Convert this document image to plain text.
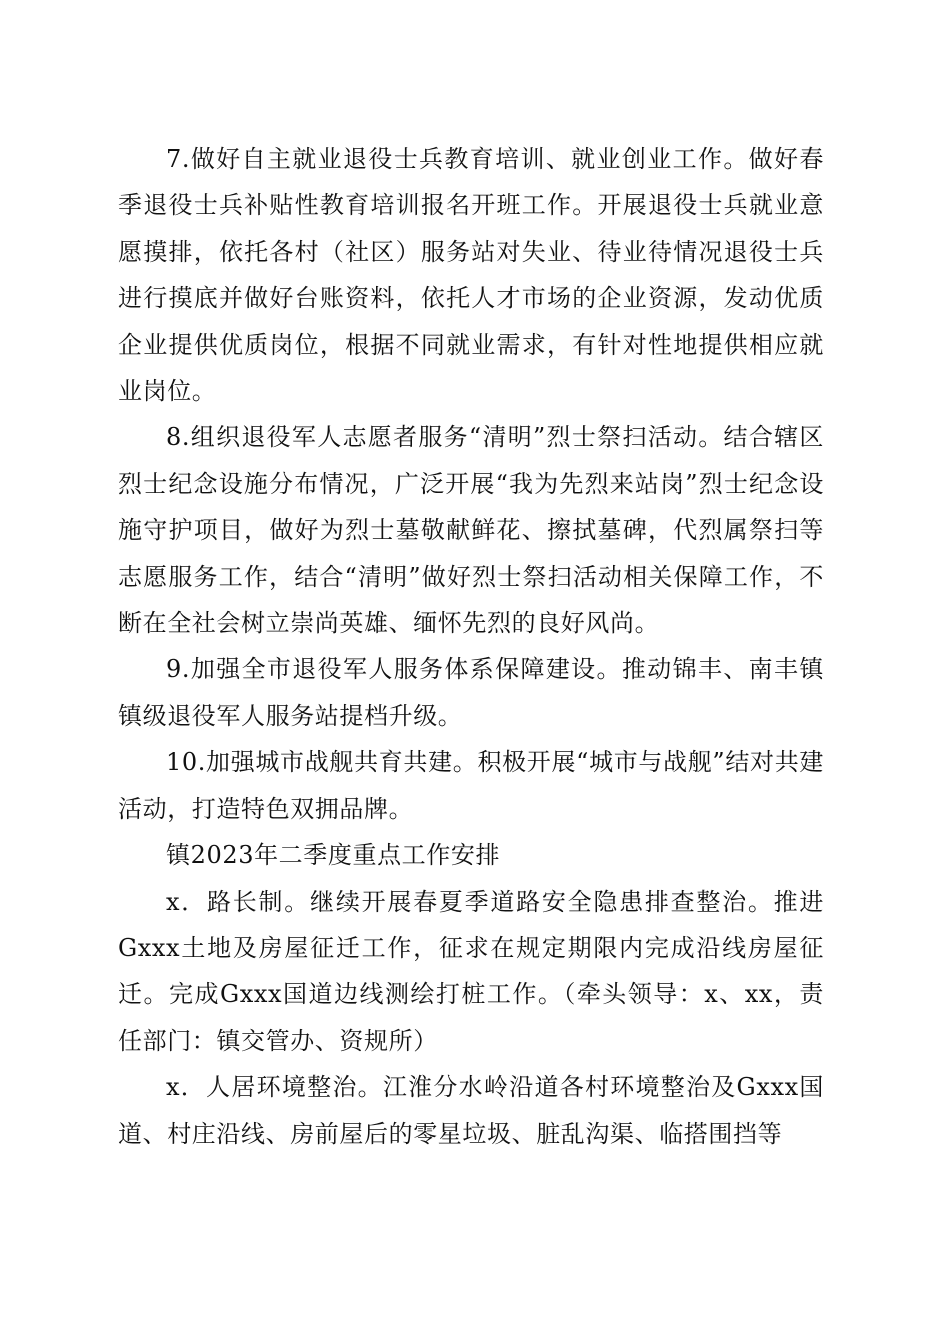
7.做好自主就业退役士兵教育培训、就业创业工作。做好春季退役士兵补贴性教育培训报名开班工作。开展退役士兵就业意愿摸排，依托各村（社区）服务站对失业、待业待情况退役士兵进行摸底并做好台账资料，依托人才市场的企业资源，发动优质企业提供优质岗位，根据不同就业需求，有针对性地提供相应就业岗位。

8.组织退役军人志愿者服务“清明”烈士祭扫活动。结合辖区烈士纪念设施分布情况，广泛开展“我为先烈来站岗”烈士纪念设施守护项目，做好为烈士墓敬献鲜花、擦拭墓碑，代烈属祭扫等志愿服务工作，结合“清明”做好烈士祭扫活动相关保障工作，不断在全社会树立崇尚英雄、缅怀先烈的良好风尚。

9.加强全市退役军人服务体系保障建设。推动锦丰、南丰镇镇级退役军人服务站提档升级。

10.加强城市战舰共育共建。积极开展“城市与战舰”结对共建活动，打造特色双拥品牌。

镇2023年二季度重点工作安排

x．路长制。继续开展春夏季道路安全隐患排查整治。推进Gxxx土地及房屋征迁工作，征求在规定期限内完成沿线房屋征迁。完成Gxxx国道边线测绘打桩工作。（牵头领导：x、xx，责任部门：镇交管办、资规所）

x．人居环境整治。江淮分水岭沿道各村环境整治及Gxxx国道、村庄沿线、房前屋后的零星垃圾、脏乱沟渠、临搭围挡等
